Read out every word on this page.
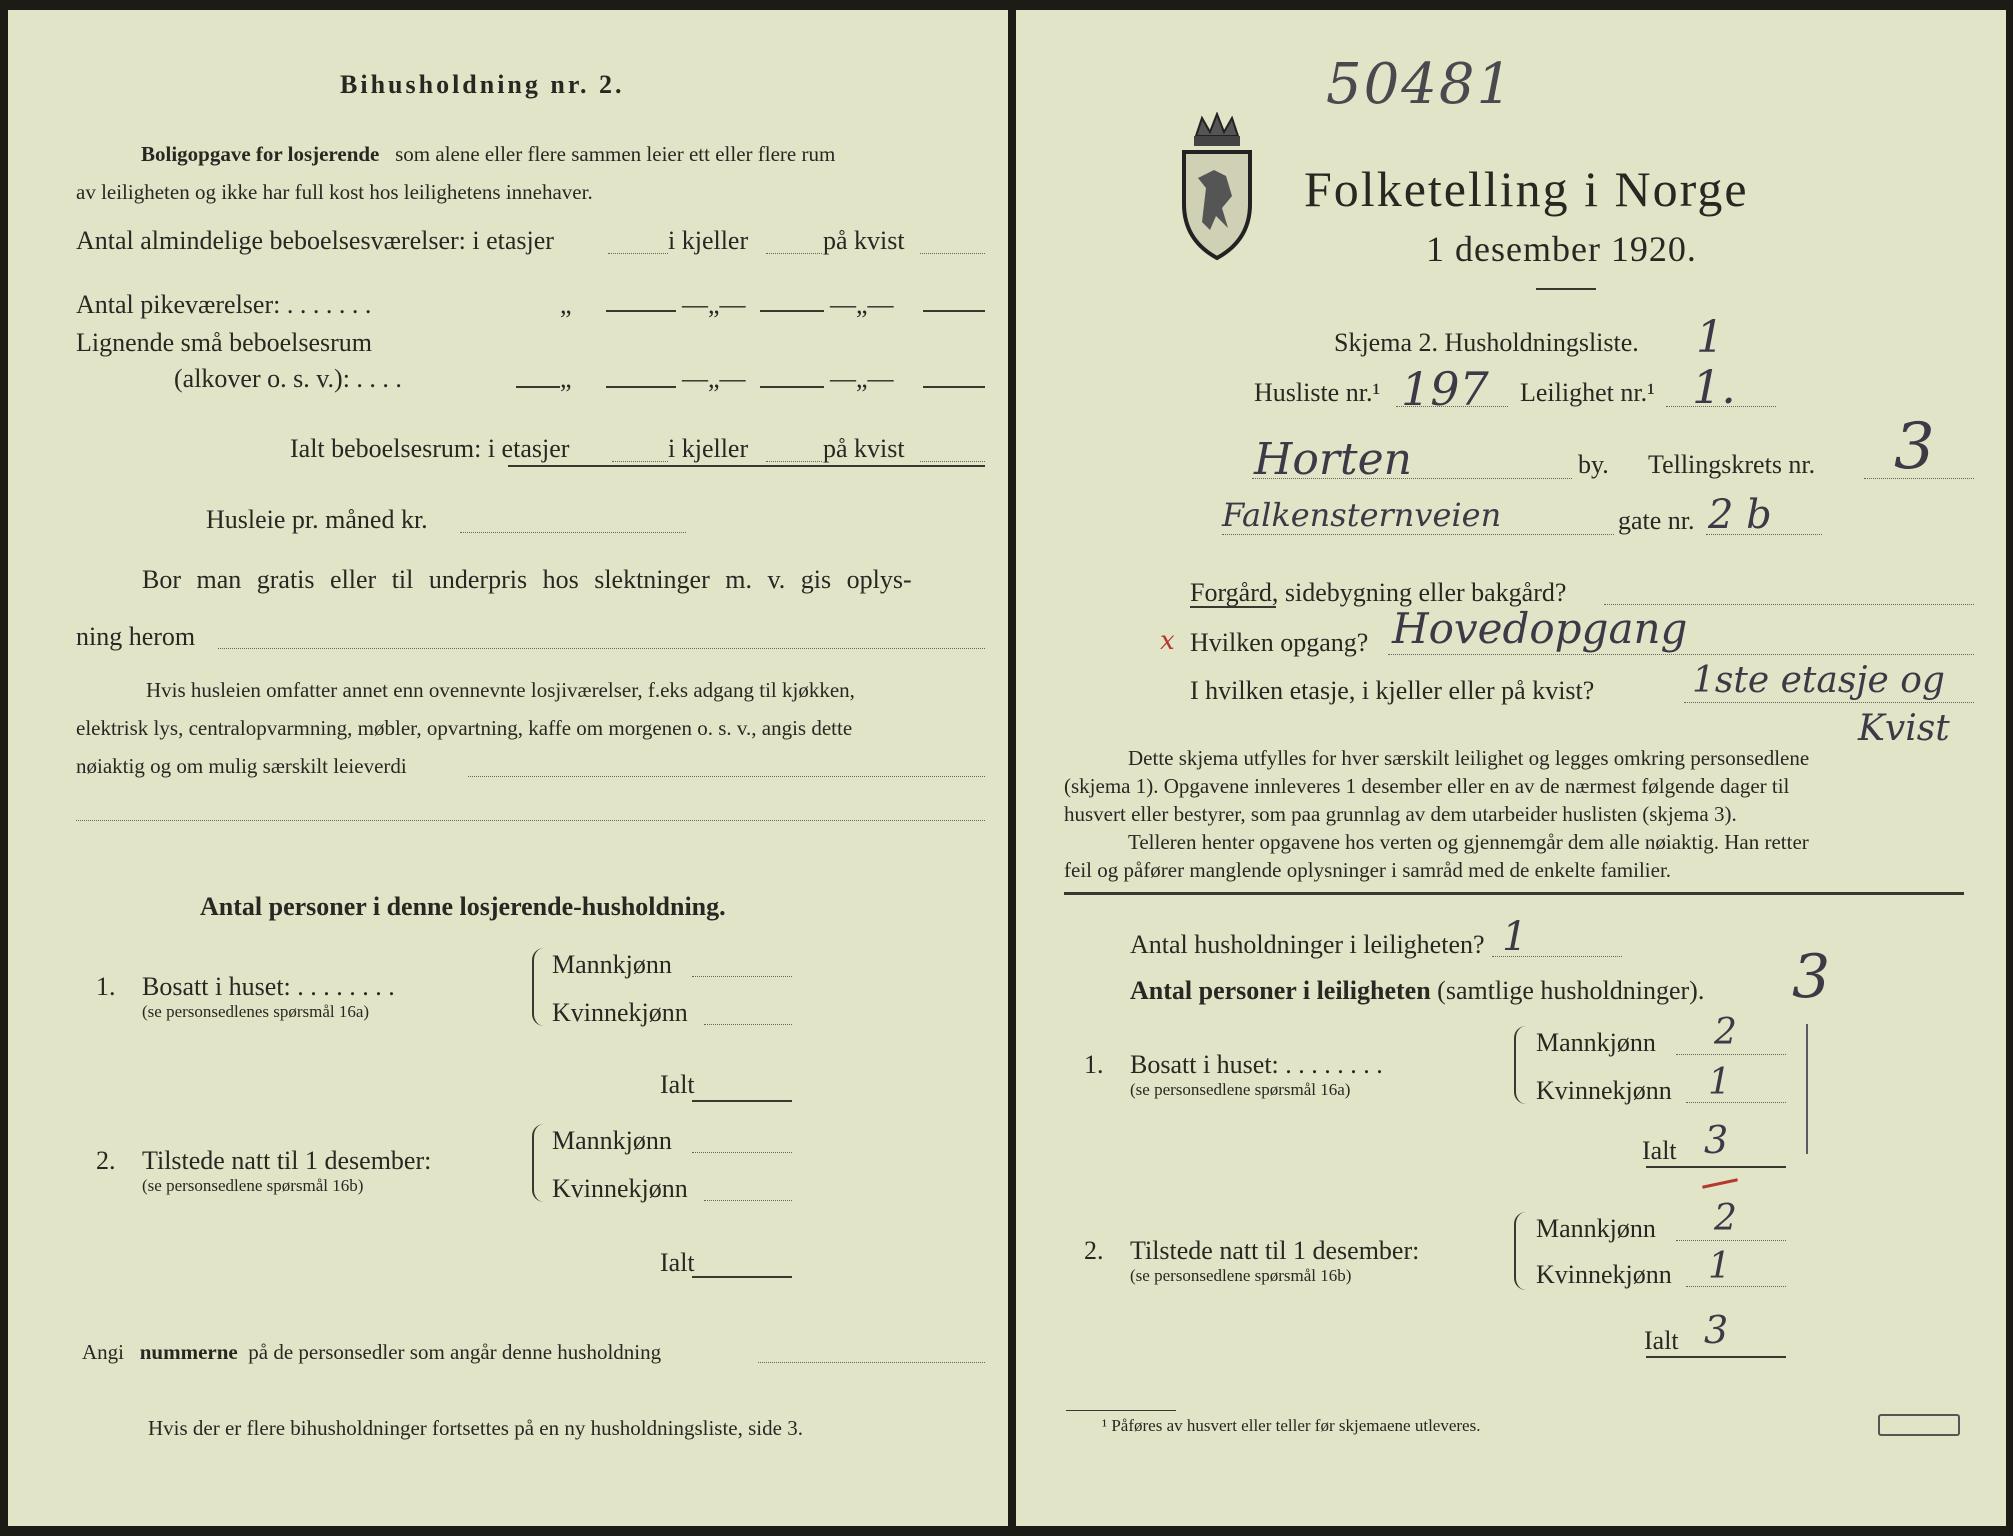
Bihusholdning nr. 2.
Boligopgave for losjerende som alene eller flere sammen leier ett eller flere rum
av leiligheten og ikke har full kost hos leilighetens innehaver.
Antal almindelige beboelsesværelser: i etasjer	i kjeller	på kvist
Antal pikeværelser: . . . . . . .	„	—„—	—„—
Lignende små beboelsesrum
(alkover o. s. v.): . . . .	„	—„—	—„—
Ialt beboelsesrum: i etasjer	i kjeller	på kvist
Husleie pr. måned kr.
Bor man gratis eller til underpris hos slektninger m. v. gis oplys-
ning herom
Hvis husleien omfatter annet enn ovennevnte losjiværelser, f.eks adgang til kjøkken,
elektrisk lys, centralopvarmning, møbler, opvartning, kaffe om morgenen o. s. v., angis dette
nøiaktig og om mulig særskilt leieverdi
Antal personer i denne losjerende-husholdning.
1. Bosatt i huset: . . . . . . . .
(se personsedlenes spørsmål 16a)
Mannkjønn
Kvinnekjønn
Ialt
2. Tilstede natt til 1 desember:
(se personsedlene spørsmål 16b)
Mannkjønn
Kvinnekjønn
Ialt
Angi nummerne på de personsedler som angår denne husholdning
Hvis der er flere bihusholdninger fortsettes på en ny husholdningsliste, side 3.
50481
Folketelling i Norge
1 desember 1920.
Skjema 2. Husholdningsliste. 1
Husliste nr.¹ 197 Leilighet nr.¹ 1.
Horten	by. Tellingskrets nr. 3
Falkensternveien	gate nr. 2 b
Forgård, sidebygning eller bakgård?
x Hvilken opgang? Hovedopgang
I hvilken etasje, i kjeller eller på kvist?	1ste etasje og
Kvist
Dette skjema utfylles for hver særskilt leilighet og legges omkring personsedlene
(skjema 1). Opgavene innleveres 1 desember eller en av de nærmest følgende dager til
husvert eller bestyrer, som paa grunnlag av dem utarbeider huslisten (skjema 3).
Telleren henter opgavene hos verten og gjennemgår dem alle nøiaktig. Han retter
feil og påfører manglende oplysninger i samråd med de enkelte familier.
Antal husholdninger i leiligheten? 1
Antal personer i leiligheten (samtlige husholdninger). 3
1. Bosatt i huset: . . . . . . . .
(se personsedlene spørsmål 16a)
Mannkjønn 2
Kvinnekjønn 1
Ialt 3
2. Tilstede natt til 1 desember:
(se personsedlene spørsmål 16b)
Mannkjønn 2
Kvinnekjønn 1
Ialt 3
¹ Påføres av husvert eller teller før skjemaene utleveres.
